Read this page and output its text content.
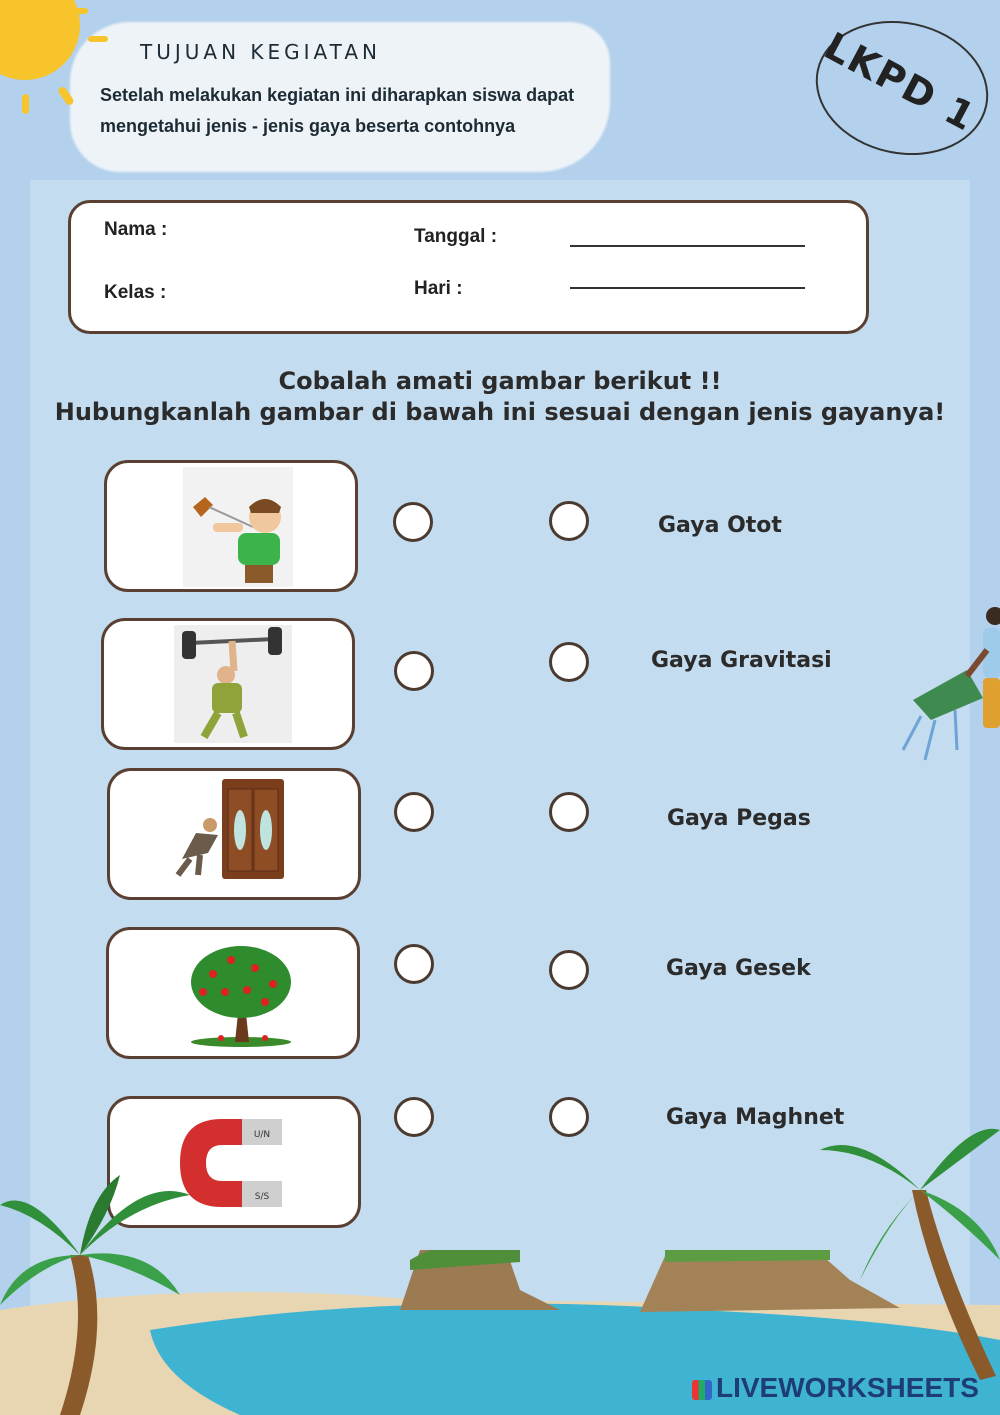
TUJUAN KEGIATAN
Setelah melakukan kegiatan ini diharapkan siswa dapat
mengetahui jenis - jenis gaya beserta contohnya	LKPD 1
Nama :
Kelas :
Tanggal :
Hari :
Cobalah amati gambar berikut !!
Hubungkanlah gambar di bawah ini sesuai dengan jenis gayanya!
U/N
S/S
Gaya Otot
Gaya Gravitasi
Gaya Pegas
Gaya Gesek
Gaya Maghnet
LIVEWORKSHEETS
